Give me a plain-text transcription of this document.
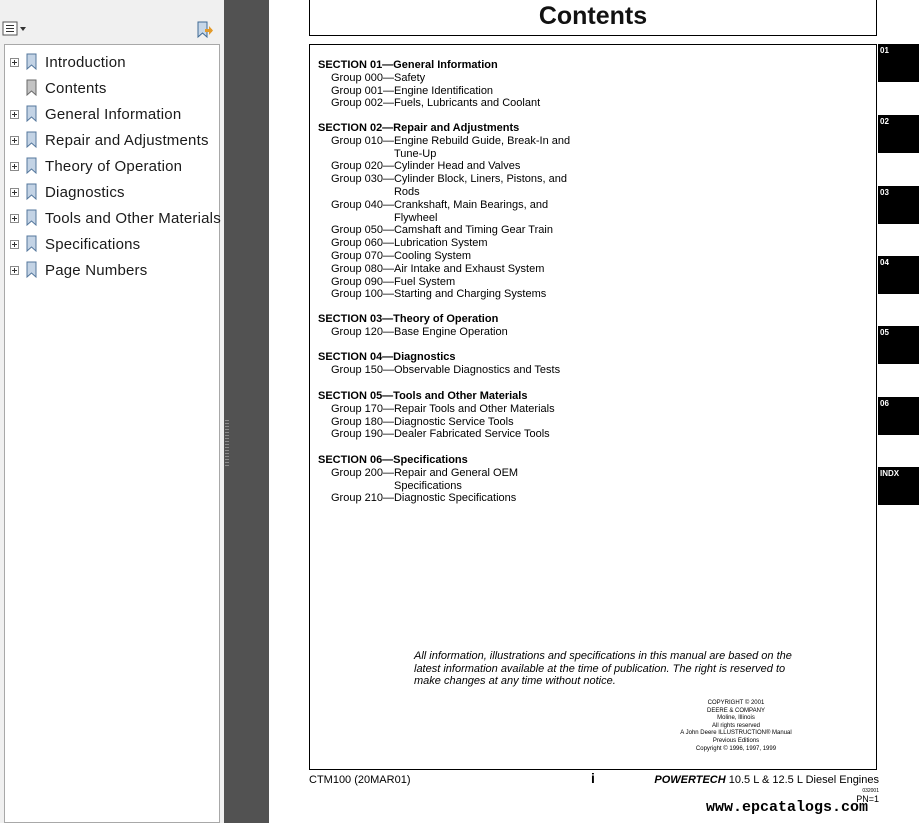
Introduction
Contents
General Information
Repair and Adjustments
Theory of Operation
Diagnostics
Tools and Other Materials
Specifications
Page Numbers
Contents
SECTION 01—General Information
Group 000— Safety
Group 001— Engine Identification
Group 002— Fuels, Lubricants and Coolant
SECTION 02—Repair and Adjustments
Group 010— Engine Rebuild Guide, Break-In and
Tune-Up
Group 020— Cylinder Head and Valves
Group 030— Cylinder Block, Liners, Pistons, and
Rods
Group 040— Crankshaft, Main Bearings, and
Flywheel
Group 050— Camshaft and Timing Gear Train
Group 060— Lubrication System
Group 070— Cooling System
Group 080— Air Intake and Exhaust System
Group 090— Fuel System
Group 100— Starting and Charging Systems
SECTION 03—Theory of Operation
Group 120— Base Engine Operation
SECTION 04—Diagnostics
Group 150— Observable Diagnostics and Tests
SECTION 05—Tools and Other Materials
Group 170— Repair Tools and Other Materials
Group 180— Diagnostic Service Tools
Group 190— Dealer Fabricated Service Tools
SECTION 06—Specifications
Group 200— Repair and General OEM
Specifications
Group 210— Diagnostic Specifications
All information, illustrations and specifications in this manual are based on the latest information available at the time of publication. The right is reserved to make changes at any time without notice.
COPYRIGHT © 2001
DEERE & COMPANY
Moline, Illinois
All rights reserved
A John Deere ILLUSTRUCTION® Manual
Previous Editions
Copyright © 1996, 1997, 1999
01
02
03
04
05
06
INDX
CTM100 (20MAR01)	i	POWERTECH 10.5 L & 12.5 L Diesel Engines
032001
PN=1
www.epcatalogs.com
